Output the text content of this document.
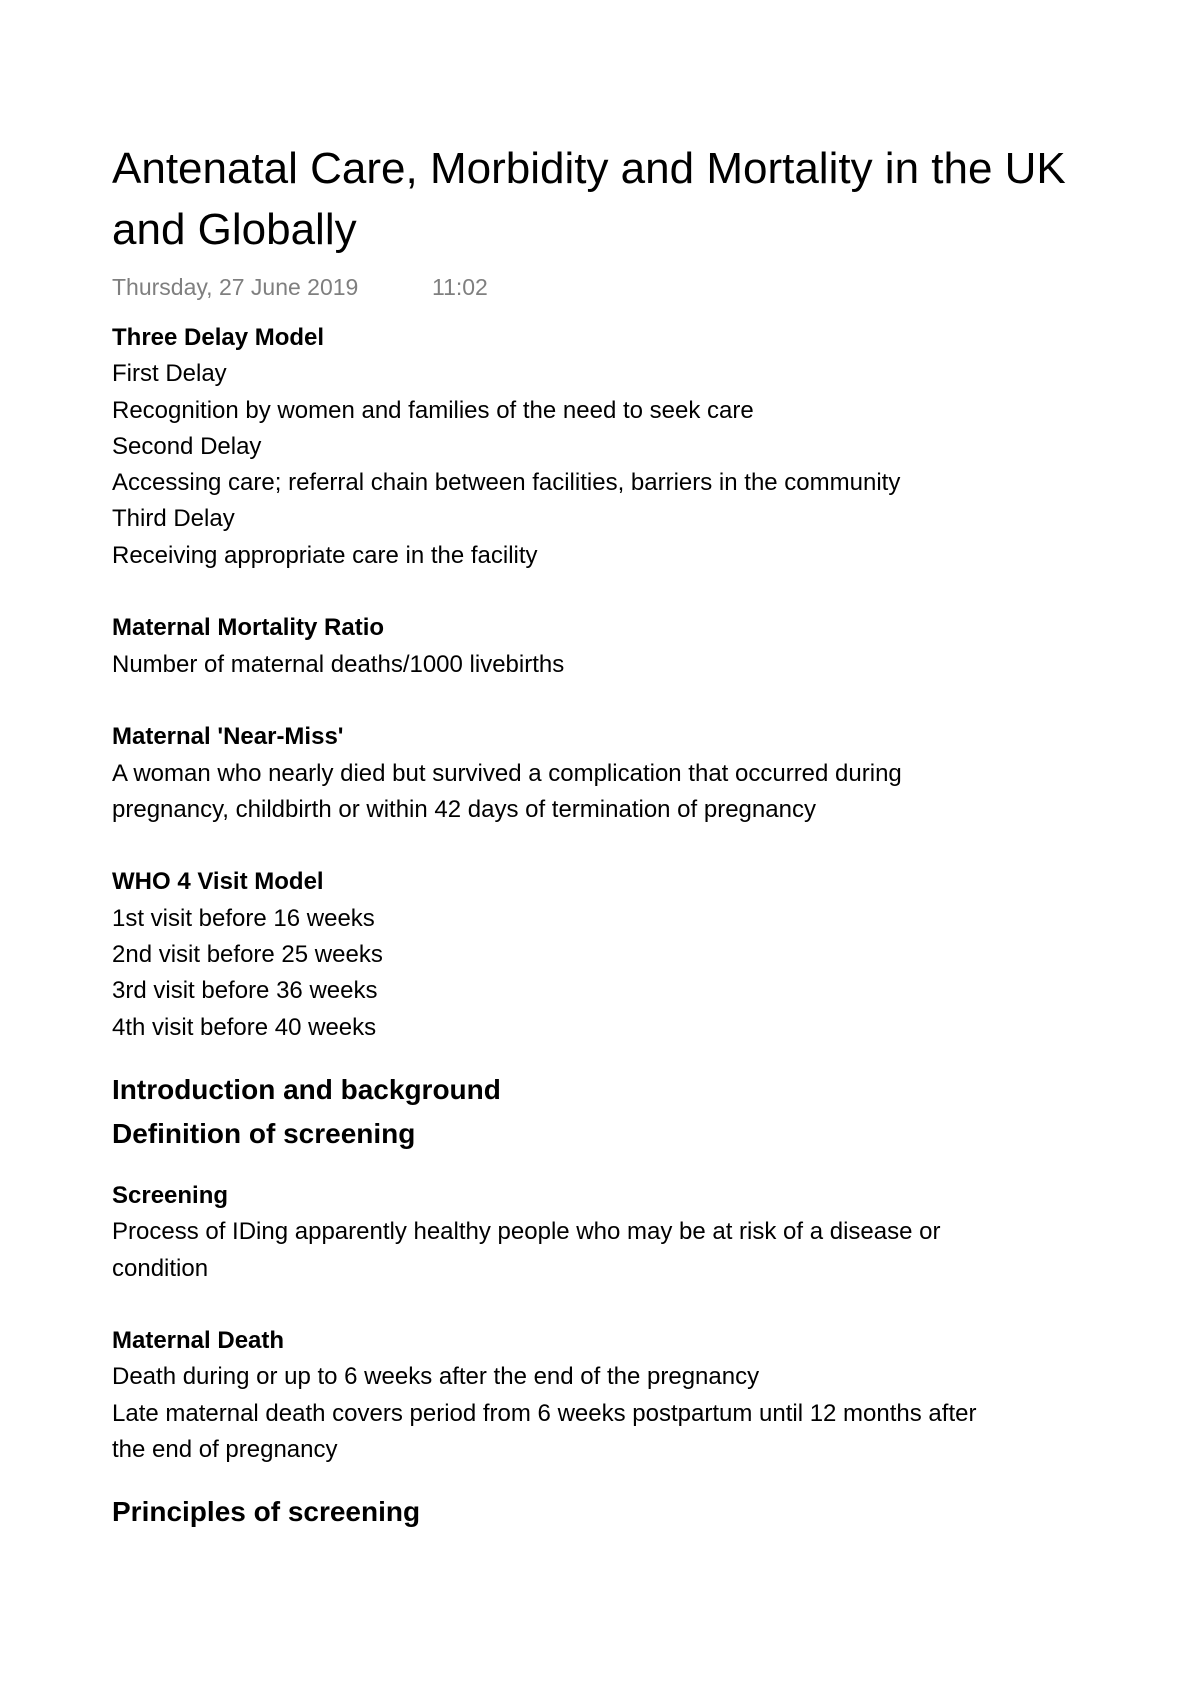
Antenatal Care, Morbidity and Mortality in the UK
and Globally
Thursday, 27 June 2019	11:02
Three Delay Model
First Delay
Recognition by women and families of the need to seek care
Second Delay
Accessing care; referral chain between facilities, barriers in the community
Third Delay
Receiving appropriate care in the facility
Maternal Mortality Ratio
Number of maternal deaths/1000 livebirths
Maternal 'Near-Miss'
A woman who nearly died but survived a complication that occurred during
pregnancy, childbirth or within 42 days of termination of pregnancy
WHO 4 Visit Model
1st visit before 16 weeks
2nd visit before 25 weeks
3rd visit before 36 weeks
4th visit before 40 weeks
Introduction and background
Definition of screening
Screening
Process of IDing apparently healthy people who may be at risk of a disease or
condition
Maternal Death
Death during or up to 6 weeks after the end of the pregnancy
Late maternal death covers period from 6 weeks postpartum until 12 months after
the end of pregnancy
Principles of screening
